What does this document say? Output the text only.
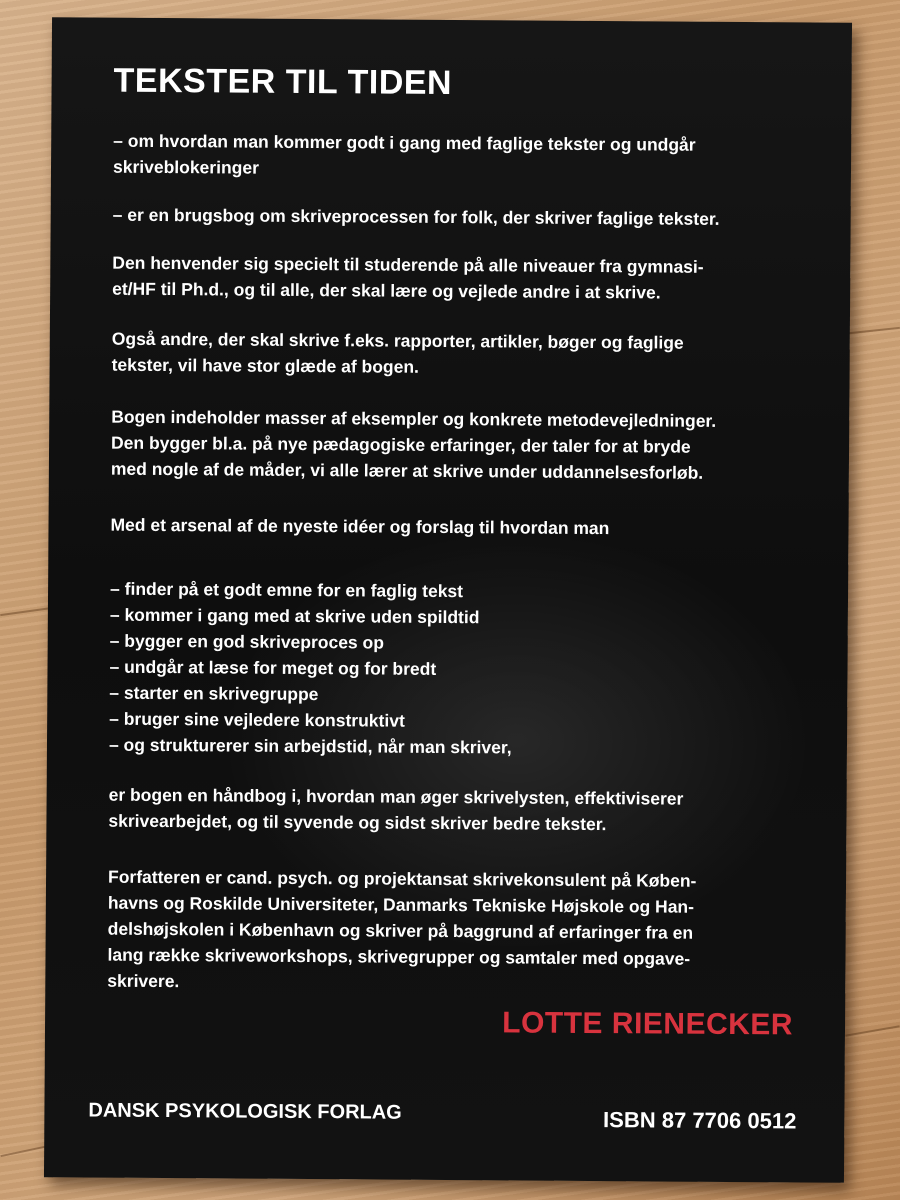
TEKSTER TIL TIDEN
– om hvordan man kommer godt i gang med faglige tekster og undgår
skriveblokeringer
– er en brugsbog om skriveprocessen for folk, der skriver faglige tekster.
Den henvender sig specielt til studerende på alle niveauer fra gymnasi-
et/HF til Ph.d., og til alle, der skal lære og vejlede andre i at skrive.
Også andre, der skal skrive f.eks. rapporter, artikler, bøger og faglige
tekster, vil have stor glæde af bogen.
Bogen indeholder masser af eksempler og konkrete metodevejledninger.
Den bygger bl.a. på nye pædagogiske erfaringer, der taler for at bryde
med nogle af de måder, vi alle lærer at skrive under uddannelsesforløb.
Med et arsenal af de nyeste idéer og forslag til hvordan man
– finder på et godt emne for en faglig tekst
– kommer i gang med at skrive uden spildtid
– bygger en god skriveproces op
– undgår at læse for meget og for bredt
– starter en skrivegruppe
– bruger sine vejledere konstruktivt
– og strukturerer sin arbejdstid, når man skriver,
er bogen en håndbog i, hvordan man øger skrivelysten, effektiviserer
skrivearbejdet, og til syvende og sidst skriver bedre tekster.
Forfatteren er cand. psych. og projektansat skrivekonsulent på Køben-
havns og Roskilde Universiteter, Danmarks Tekniske Højskole og Han-
delshøjskolen i København og skriver på baggrund af erfaringer fra en
lang række skriveworkshops, skrivegrupper og samtaler med opgave-
skrivere.
LOTTE RIENECKER
DANSK PSYKOLOGISK FORLAG	ISBN 87 7706 0512
